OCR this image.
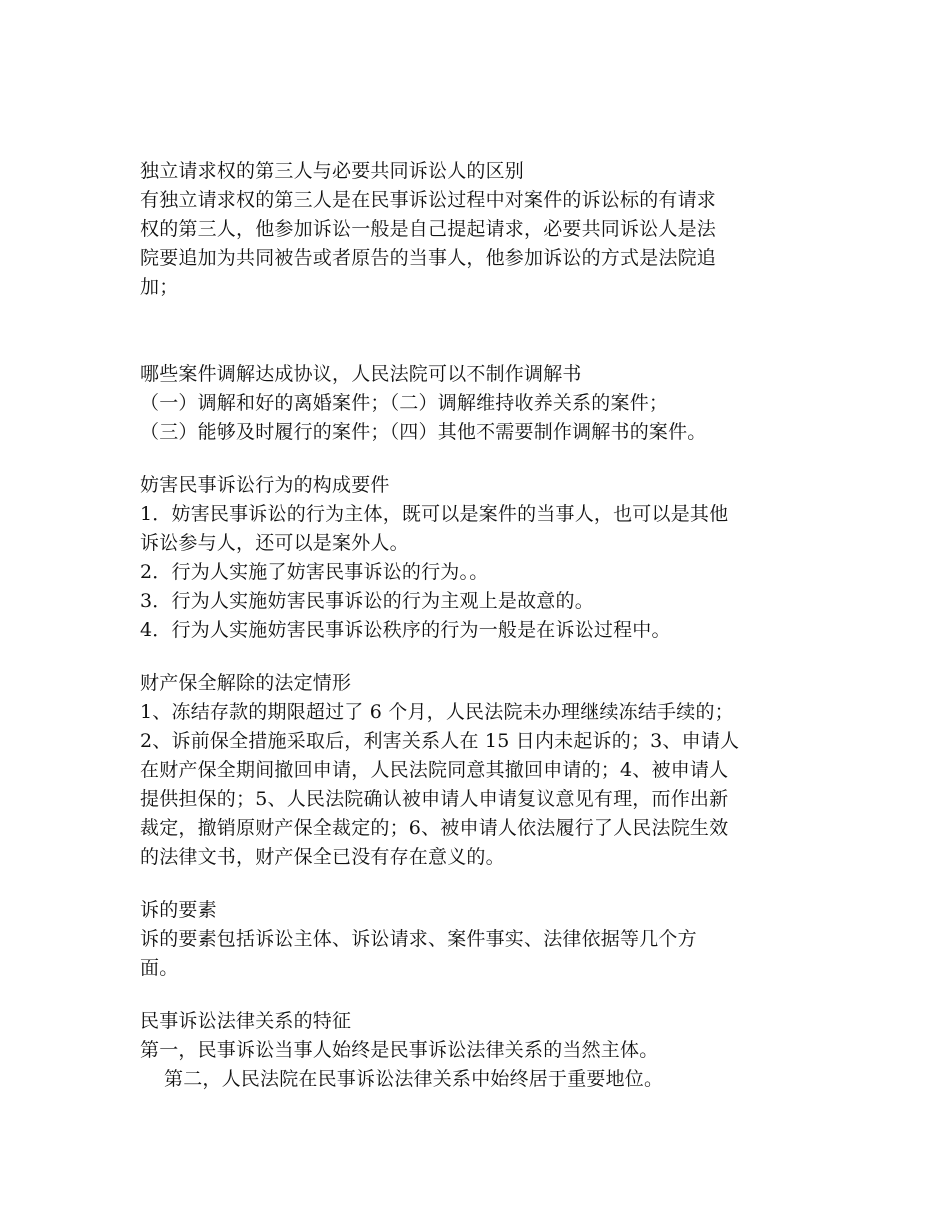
独立请求权的第三人与必要共同诉讼人的区别
有独立请求权的第三人是在民事诉讼过程中对案件的诉讼标的有请求
权的第三人，他参加诉讼一般是自己提起请求，必要共同诉讼人是法
院要追加为共同被告或者原告的当事人，他参加诉讼的方式是法院追
加；
哪些案件调解达成协议，人民法院可以不制作调解书
（一）调解和好的离婚案件；（二）调解维持收养关系的案件；
（三）能够及时履行的案件；（四）其他不需要制作调解书的案件。
妨害民事诉讼行为的构成要件
1．妨害民事诉讼的行为主体，既可以是案件的当事人，也可以是其他
诉讼参与人，还可以是案外人。
2．行为人实施了妨害民事诉讼的行为。。
3．行为人实施妨害民事诉讼的行为主观上是故意的。
4．行为人实施妨害民事诉讼秩序的行为一般是在诉讼过程中。
财产保全解除的法定情形
1、冻结存款的期限超过了 6 个月，人民法院未办理继续冻结手续的；
2、诉前保全措施采取后，利害关系人在 15 日内未起诉的；3、申请人
在财产保全期间撤回申请，人民法院同意其撤回申请的；4、被申请人
提供担保的；5、人民法院确认被申请人申请复议意见有理，而作出新
裁定，撤销原财产保全裁定的；6、被申请人依法履行了人民法院生效
的法律文书，财产保全已没有存在意义的。
诉的要素
诉的要素包括诉讼主体、诉讼请求、案件事实、法律依据等几个方
面。
民事诉讼法律关系的特征
第一，民事诉讼当事人始终是民事诉讼法律关系的当然主体。
第二，人民法院在民事诉讼法律关系中始终居于重要地位。
